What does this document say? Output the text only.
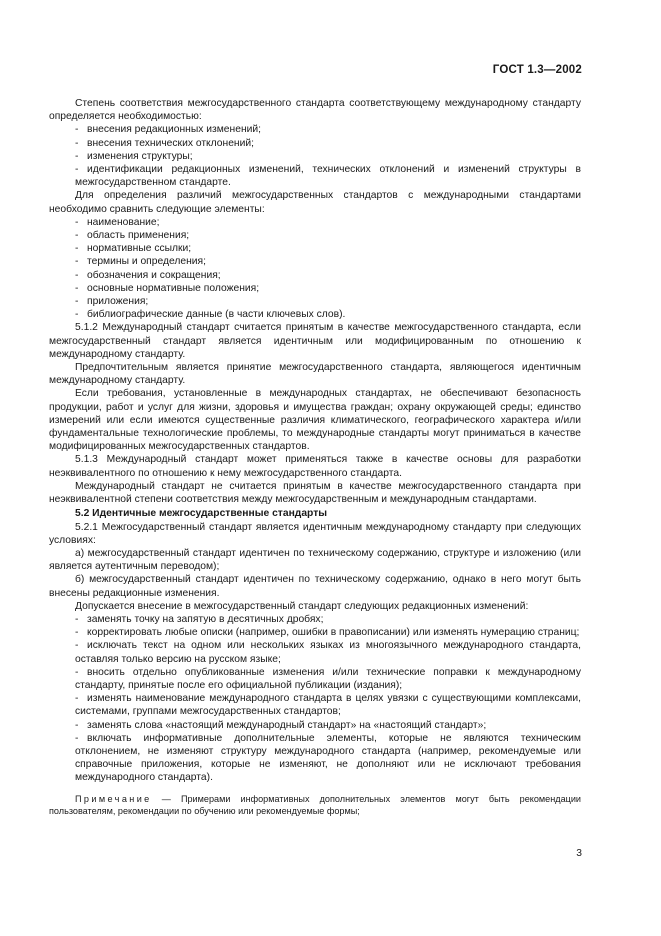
ГОСТ 1.3—2002

Степень соответствия межгосударственного стандарта соответствующему международному стандарту определяется необходимостью:

- внесения редакционных изменений;

- внесения технических отклонений;

- изменения структуры;

- идентификации редакционных изменений, технических отклонений и изменений структуры в межгосударственном стандарте.

Для определения различий межгосударственных стандартов с международными стандартами необходимо сравнить следующие элементы:

- наименование;

- область применения;

- нормативные ссылки;

- термины и определения;

- обозначения и сокращения;

- основные нормативные положения;

- приложения;

- библиографические данные (в части ключевых слов).

5.1.2 Международный стандарт считается принятым в качестве межгосударственного стандарта, если межгосударственный стандарт является идентичным или модифицированным по отношению к международному стандарту.

Предпочтительным является принятие межгосударственного стандарта, являющегося идентичным международному стандарту.

Если требования, установленные в международных стандартах, не обеспечивают безопасность продукции, работ и услуг для жизни, здоровья и имущества граждан; охрану окружающей среды; единство измерений или если имеются существенные различия климатического, географического характера и/или фундаментальные технологические проблемы, то международные стандарты могут приниматься в качестве модифицированных межгосударственных стандартов.

5.1.3 Международный стандарт может применяться также в качестве основы для разработки неэквивалентного по отношению к нему межгосударственного стандарта.

Международный стандарт не считается принятым в качестве межгосударственного стандарта при неэквивалентной степени соответствия между межгосударственным и международным стандартами.

5.2 Идентичные межгосударственные стандарты

5.2.1 Межгосударственный стандарт является идентичным международному стандарту при следующих условиях:

а) межгосударственный стандарт идентичен по техническому содержанию, структуре и изложению (или является аутентичным переводом);

б) межгосударственный стандарт идентичен по техническому содержанию, однако в него могут быть внесены редакционные изменения.

Допускается внесение в межгосударственный стандарт следующих редакционных изменений:

- заменять точку на запятую в десятичных дробях;

- корректировать любые описки (например, ошибки в правописании) или изменять нумерацию страниц;

- исключать текст на одном или нескольких языках из многоязычного международного стандарта, оставляя только версию на русском языке;

- вносить отдельно опубликованные изменения и/или технические поправки к международному стандарту, принятые после его официальной публикации (издания);

- изменять наименование международного стандарта в целях увязки с существующими комплексами, системами, группами межгосударственных стандартов;

- заменять слова «настоящий международный стандарт» на «настоящий стандарт»;

- включать информативные дополнительные элементы, которые не являются техническим отклонением, не изменяют структуру международного стандарта (например, рекомендуемые или справочные приложения, которые не изменяют, не дополняют или не исключают требования международного стандарта).

Примечание — Примерами информативных дополнительных элементов могут быть рекомендации пользователям, рекомендации по обучению или рекомендуемые формы;

3
